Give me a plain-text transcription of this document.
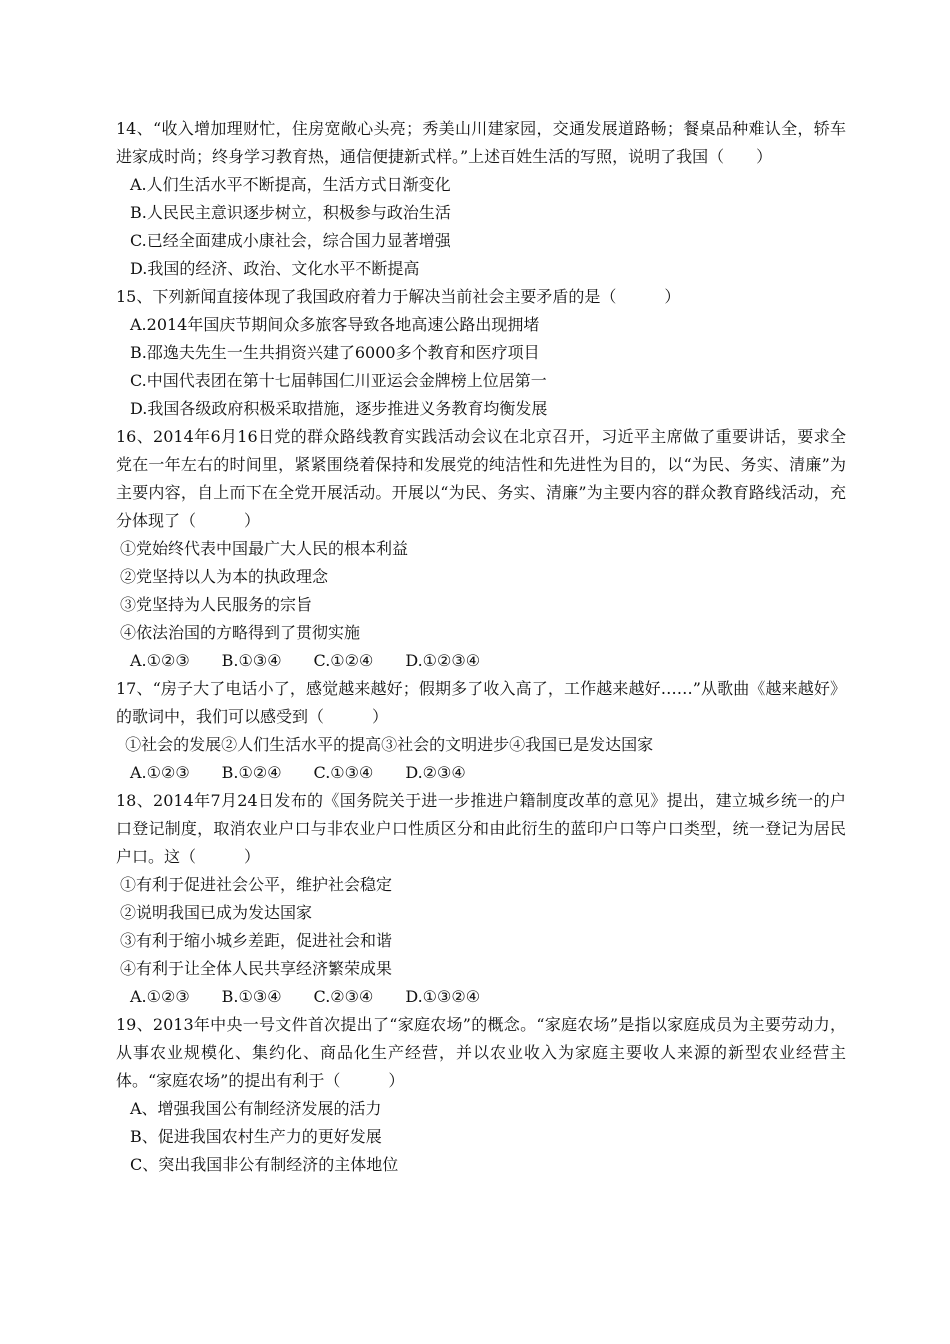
14、“收入增加理财忙，住房宽敞心头亮；秀美山川建家园，交通发展道路畅；餐桌品种难认全，轿车进家成时尚；终身学习教育热，通信便捷新式样。”上述百姓生活的写照，说明了我国（　　）

A.人们生活水平不断提高，生活方式日渐变化

B.人民民主意识逐步树立，积极参与政治生活

C.已经全面建成小康社会，综合国力显著增强

D.我国的经济、政治、文化水平不断提高

15、下列新闻直接体现了我国政府着力于解决当前社会主要矛盾的是（　　　）

A.2014年国庆节期间众多旅客导致各地高速公路出现拥堵

B.邵逸夫先生一生共捐资兴建了6000多个教育和医疗项目

C.中国代表团在第十七届韩国仁川亚运会金牌榜上位居第一

D.我国各级政府积极采取措施，逐步推进义务教育均衡发展

16、2014年6月16日党的群众路线教育实践活动会议在北京召开，习近平主席做了重要讲话，要求全党在一年左右的时间里，紧紧围绕着保持和发展党的纯洁性和先进性为目的，以“为民、务实、清廉”为主要内容，自上而下在全党开展活动。开展以“为民、务实、清廉”为主要内容的群众教育路线活动，充分体现了（　　　）

①党始终代表中国最广大人民的根本利益

②党坚持以人为本的执政理念

③党坚持为人民服务的宗旨

④依法治国的方略得到了贯彻实施

A.①②③　　B.①③④　　C.①②④　　D.①②③④

17、“房子大了电话小了，感觉越来越好；假期多了收入高了，工作越来越好……”从歌曲《越来越好》的歌词中，我们可以感受到（　　　）

①社会的发展②人们生活水平的提高③社会的文明进步④我国已是发达国家

A.①②③　　B.①②④　　C.①③④　　D.②③④

18、2014年7月24日发布的《国务院关于进一步推进户籍制度改革的意见》提出，建立城乡统一的户口登记制度，取消农业户口与非农业户口性质区分和由此衍生的蓝印户口等户口类型，统一登记为居民户口。这（　　　）

①有利于促进社会公平，维护社会稳定

②说明我国已成为发达国家

③有利于缩小城乡差距，促进社会和谐

④有利于让全体人民共享经济繁荣成果

A.①②③　　B.①③④　　C.②③④　　D.①③②④

19、2013年中央一号文件首次提出了“家庭农场”的概念。“家庭农场”是指以家庭成员为主要劳动力，从事农业规模化、集约化、商品化生产经营，并以农业收入为家庭主要收人来源的新型农业经营主体。“家庭农场”的提出有利于（　　　）

A、增强我国公有制经济发展的活力

B、促进我国农村生产力的更好发展

C、突出我国非公有制经济的主体地位
